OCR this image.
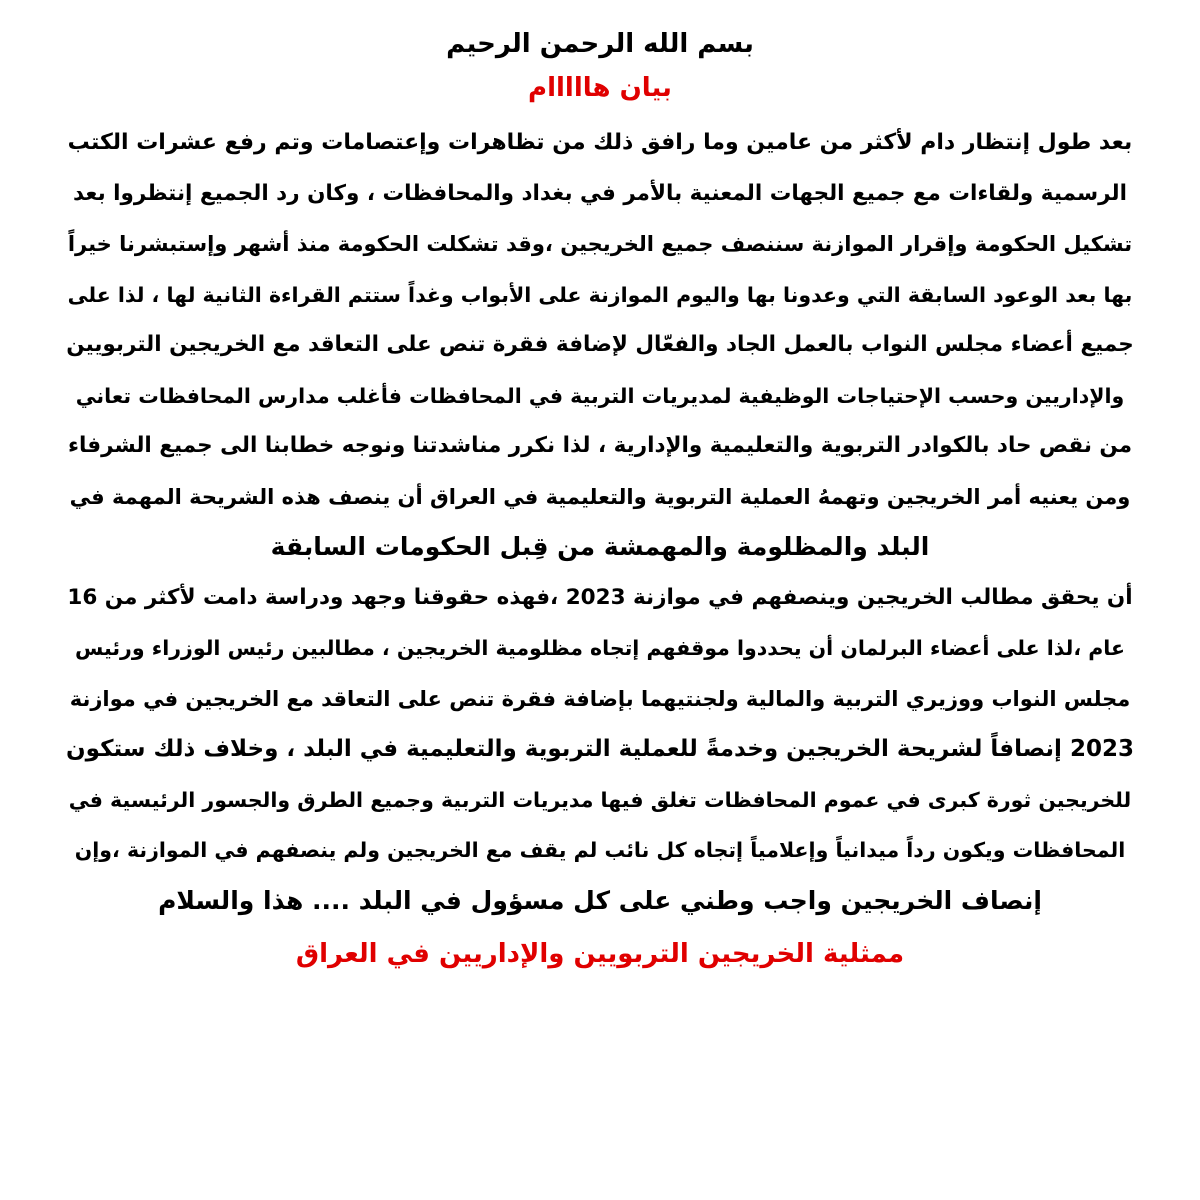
بسم الله الرحمن الرحيم
بيان هااااام
بعد طول إنتظار دام لأكثر من عامين وما رافق ذلك من تظاهرات وإعتصامات وتم رفع عشرات الكتب
الرسمية ولقاءات مع جميع الجهات المعنية بالأمر في بغداد والمحافظات ، وكان رد الجميع إنتظروا بعد
تشكيل الحكومة وإقرار الموازنة سننصف جميع الخريجين ،وقد تشكلت الحكومة منذ أشهر وإستبشرنا خيراً
بها بعد الوعود السابقة التي وعدونا بها واليوم الموازنة على الأبواب وغداً ستتم القراءة الثانية لها ، لذا على
جميع أعضاء مجلس النواب بالعمل الجاد والفعّال لإضافة فقرة تنص على التعاقد مع الخريجين التربويين
والإداريين وحسب الإحتياجات الوظيفية لمديريات التربية في المحافظات فأغلب مدارس المحافظات تعاني
من نقص حاد بالكوادر التربوية والتعليمية والإدارية ، لذا نكرر مناشدتنا ونوجه خطابنا الى جميع الشرفاء
ومن يعنيه أمر الخريجين وتهمهُ العملية التربوية والتعليمية في العراق أن ينصف هذه الشريحة المهمة في
البلد والمظلومة والمهمشة من قِبل الحكومات السابقة
أن يحقق مطالب الخريجين وينصفهم في موازنة 2023 ،فهذه حقوقنا وجهد ودراسة دامت لأكثر من 16
عام ،لذا على أعضاء البرلمان أن يحددوا موقفهم إتجاه مظلومية الخريجين ، مطالبين رئيس الوزراء ورئيس
مجلس النواب ووزيري التربية والمالية ولجنتيهما بإضافة فقرة تنص على التعاقد مع الخريجين في موازنة
2023 إنصافاً لشريحة الخريجين وخدمةً للعملية التربوية والتعليمية في البلد ، وخلاف ذلك ستكون
للخريجين ثورة كبرى في عموم المحافظات تغلق فيها مديريات التربية وجميع الطرق والجسور الرئيسية في
المحافظات ويكون رداً ميدانياً وإعلامياً إتجاه كل نائب لم يقف مع الخريجين ولم ينصفهم في الموازنة ،وإن
إنصاف الخريجين واجب وطني على كل مسؤول في البلد .... هذا والسلام
ممثلية الخريجين التربويين والإداريين في العراق
